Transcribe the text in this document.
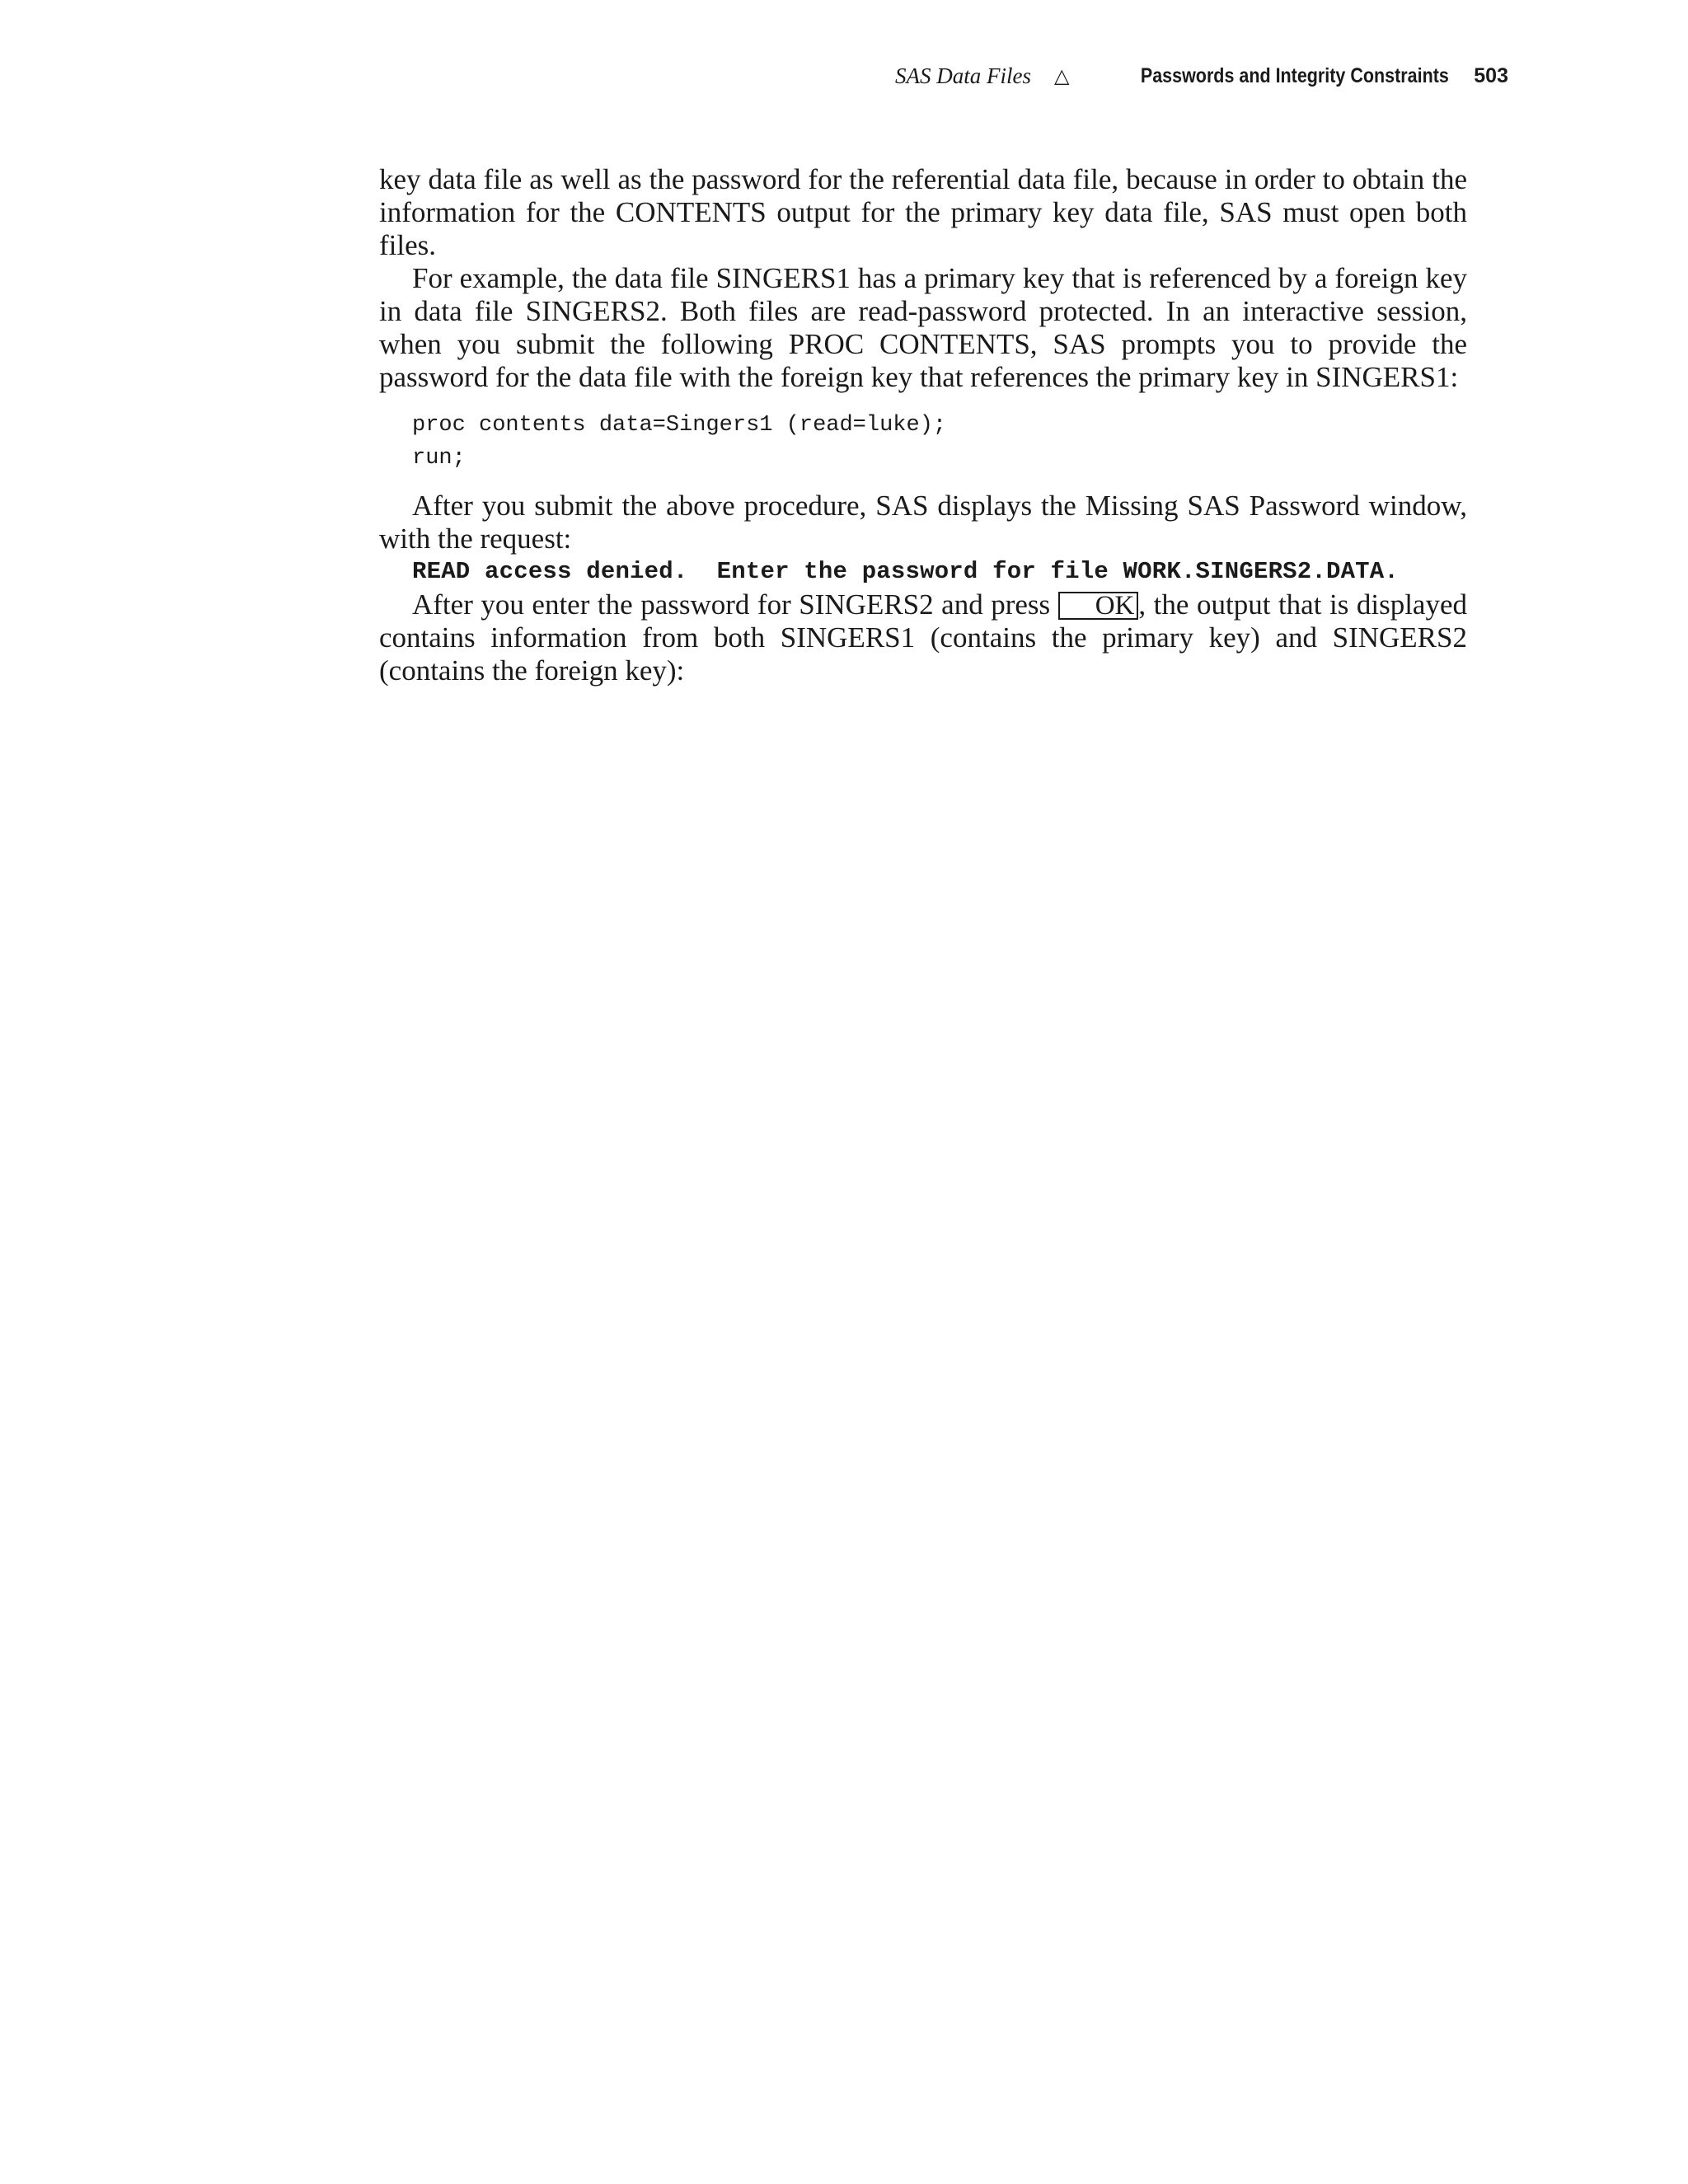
SAS Data Files △	Passwords and Integrity Constraints 503

key data file as well as the password for the referential data file, because in order to obtain the information for the CONTENTS output for the primary key data file, SAS must open both files.

For example, the data file SINGERS1 has a primary key that is referenced by a foreign key in data file SINGERS2. Both files are read-password protected. In an interactive session, when you submit the following PROC CONTENTS, SAS prompts you to provide the password for the data file with the foreign key that references the primary key in SINGERS1:

proc contents data=Singers1 (read=luke);
run;

After you submit the above procedure, SAS displays the Missing SAS Password window, with the request:

READ access denied.  Enter the password for file WORK.SINGERS2.DATA.

After you enter the password for SINGERS2 and press OK , the output that is displayed contains information from both SINGERS1 (contains the primary key) and SINGERS2 (contains the foreign key):
